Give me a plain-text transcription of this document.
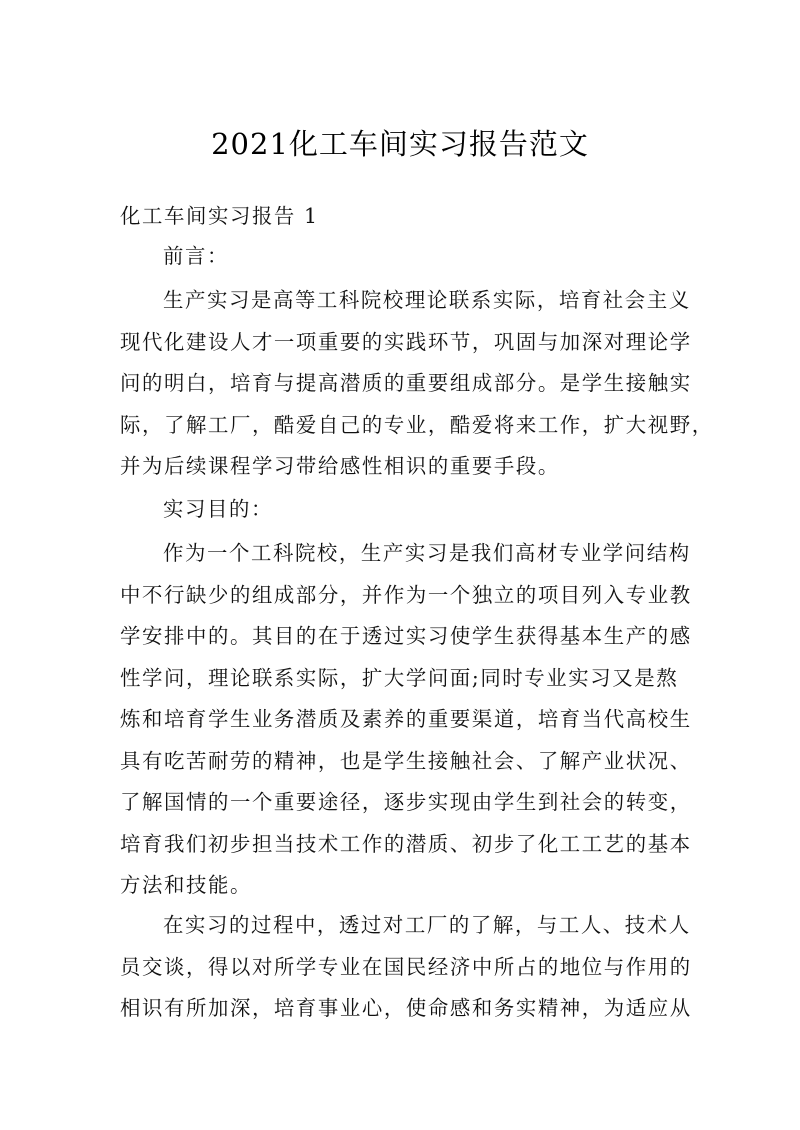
2021化工车间实习报告范文
化工车间实习报告 1
前言：
生产实习是高等工科院校理论联系实际，培育社会主义
现代化建设人才一项重要的实践环节，巩固与加深对理论学
问的明白，培育与提高潜质的重要组成部分。是学生接触实
际，了解工厂，酷爱自己的专业，酷爱将来工作，扩大视野，
并为后续课程学习带给感性相识的重要手段。
实习目的：
作为一个工科院校，生产实习是我们高材专业学问结构
中不行缺少的组成部分，并作为一个独立的项目列入专业教
学安排中的。其目的在于透过实习使学生获得基本生产的感
性学问，理论联系实际，扩大学问面;同时专业实习又是熬
炼和培育学生业务潜质及素养的重要渠道，培育当代高校生
具有吃苦耐劳的精神，也是学生接触社会、了解产业状况、
了解国情的一个重要途径，逐步实现由学生到社会的转变，
培育我们初步担当技术工作的潜质、初步了化工工艺的基本
方法和技能。
在实习的过程中，透过对工厂的了解，与工人、技术人
员交谈，得以对所学专业在国民经济中所占的地位与作用的
相识有所加深，培育事业心，使命感和务实精神，为适应从
